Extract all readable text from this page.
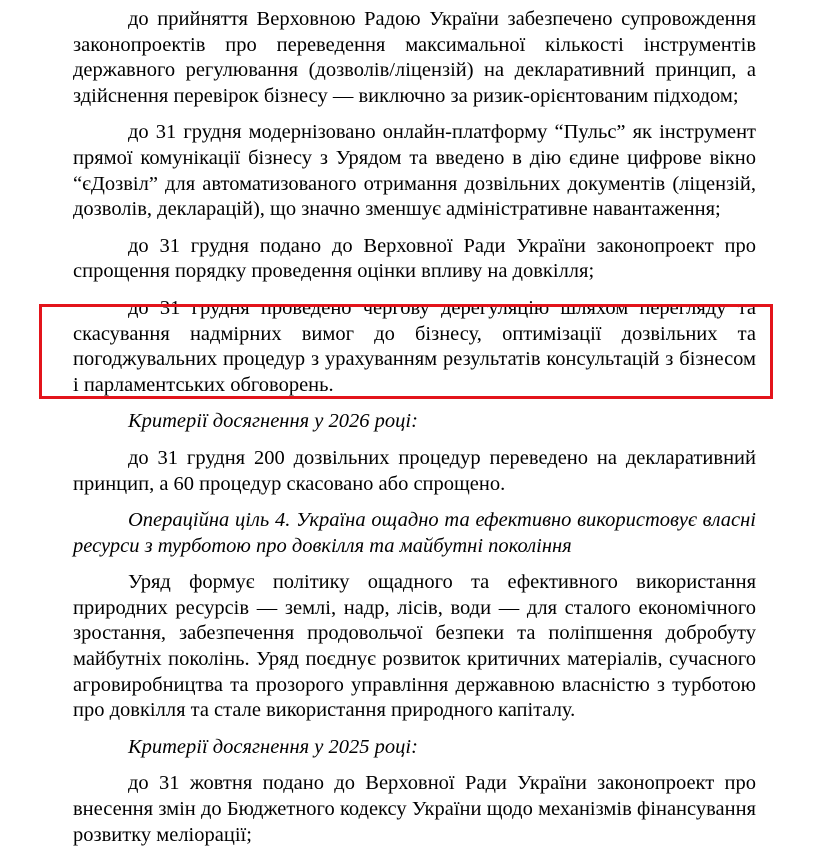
до прийняття Верховною Радою України забезпечено супровождення законопроектів про переведення максимальної кількості інструментів державного регулювання (дозволів/ліцензій) на декларативний принцип, а здійснення перевірок бізнесу — виключно за ризик-орієнтованим підходом;

до 31 грудня модернізовано онлайн-платформу “Пульс” як інструмент прямої комунікації бізнесу з Урядом та введено в дію єдине цифрове вікно “єДозвіл” для автоматизованого отримання дозвільних документів (ліцензій, дозволів, декларацій), що значно зменшує адміністративне навантаження;

до 31 грудня подано до Верховної Ради України законопроект про спрощення порядку проведення оцінки впливу на довкілля;

до 31 грудня проведено чергову дерегуляцію шляхом перегляду та скасування надмірних вимог до бізнесу, оптимізації дозвільних та погоджувальних процедур з урахуванням результатів консультацій з бізнесом і парламентських обговорень.

Критерії досягнення у 2026 році:

до 31 грудня 200 дозвільних процедур переведено на декларативний принцип, а 60 процедур скасовано або спрощено.

Операційна ціль 4. Україна ощадно та ефективно використовує власні ресурси з турботою про довкілля та майбутні покоління

Уряд формує політику ощадного та ефективного використання природних ресурсів — землі, надр, лісів, води — для сталого економічного зростання, забезпечення продовольчої безпеки та поліпшення добробуту майбутніх поколінь. Уряд поєднує розвиток критичних матеріалів, сучасного агровиробництва та прозорого управління державною власністю з турботою про довкілля та стале використання природного капіталу.

Критерії досягнення у 2025 році:

до 31 жовтня подано до Верховної Ради України законопроект про внесення змін до Бюджетного кодексу України щодо механізмів фінансування розвитку меліорації;
